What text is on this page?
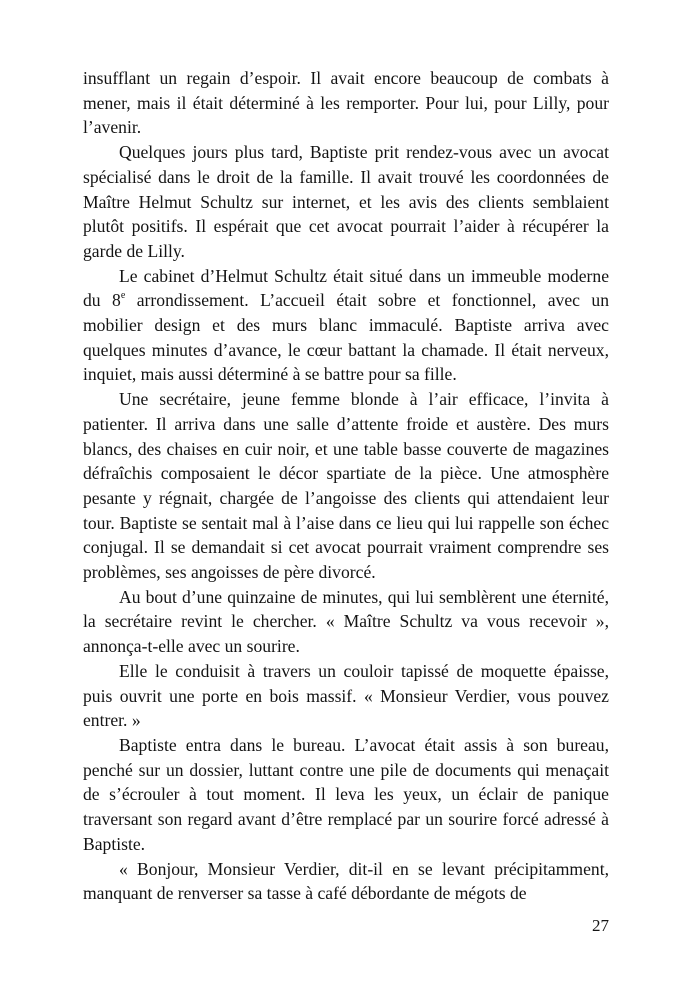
insufflant un regain d’espoir. Il avait encore beaucoup de combats à mener, mais il était déterminé à les remporter. Pour lui, pour Lilly, pour l’avenir.

Quelques jours plus tard, Baptiste prit rendez-vous avec un avocat spécialisé dans le droit de la famille. Il avait trouvé les coordonnées de Maître Helmut Schultz sur internet, et les avis des clients semblaient plutôt positifs. Il espérait que cet avocat pourrait l’aider à récupérer la garde de Lilly.

Le cabinet d’Helmut Schultz était situé dans un immeuble moderne du 8e arrondissement. L’accueil était sobre et fonctionnel, avec un mobilier design et des murs blanc immaculé. Baptiste arriva avec quelques minutes d’avance, le cœur battant la chamade. Il était nerveux, inquiet, mais aussi déterminé à se battre pour sa fille.

Une secrétaire, jeune femme blonde à l’air efficace, l’invita à patienter. Il arriva dans une salle d’attente froide et austère. Des murs blancs, des chaises en cuir noir, et une table basse couverte de magazines défraîchis composaient le décor spartiate de la pièce. Une atmosphère pesante y régnait, chargée de l’angoisse des clients qui attendaient leur tour. Baptiste se sentait mal à l’aise dans ce lieu qui lui rappelle son échec conjugal. Il se demandait si cet avocat pourrait vraiment comprendre ses problèmes, ses angoisses de père divorcé.

Au bout d’une quinzaine de minutes, qui lui semblèrent une éternité, la secrétaire revint le chercher. « Maître Schultz va vous recevoir », annonça-t-elle avec un sourire.

Elle le conduisit à travers un couloir tapissé de moquette épaisse, puis ouvrit une porte en bois massif. « Monsieur Verdier, vous pouvez entrer. »

Baptiste entra dans le bureau. L’avocat était assis à son bureau, penché sur un dossier, luttant contre une pile de documents qui menaçait de s’écrouler à tout moment. Il leva les yeux, un éclair de panique traversant son regard avant d’être remplacé par un sourire forcé adressé à Baptiste.

« Bonjour, Monsieur Verdier, dit-il en se levant précipitamment, manquant de renverser sa tasse à café débordante de mégots de

27
